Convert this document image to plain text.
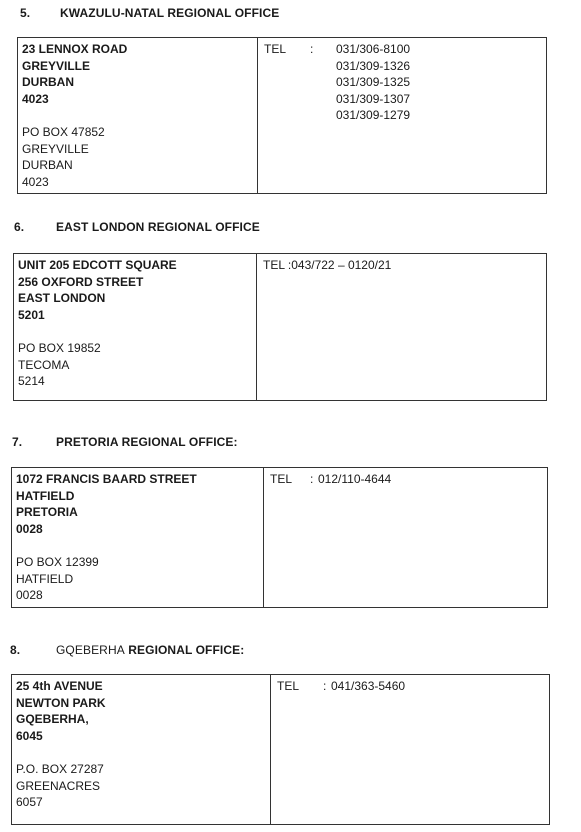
5. KWAZULU-NATAL REGIONAL OFFICE
23 LENNOX ROAD
GREYVILLE
DURBAN
4023
PO BOX 47852
GREYVILLE
DURBAN
4023
TEL	:	031/306-8100
031/309-1326
031/309-1325
031/309-1307
031/309-1279
6.	EAST LONDON REGIONAL OFFICE
UNIT 205 EDCOTT SQUARE
256 OXFORD STREET
EAST LONDON
5201
PO BOX 19852
TECOMA
5214
TEL :043/722 – 0120/21
7.	PRETORIA REGIONAL OFFICE:
1072 FRANCIS BAARD STREET
HATFIELD
PRETORIA
0028
PO BOX 12399
HATFIELD
0028
TEL	: 012/110-4644
8.	GQEBERHA REGIONAL OFFICE:
25 4th AVENUE
NEWTON PARK
GQEBERHA,
6045
P.O. BOX 27287
GREENACRES
6057
TEL	: 041/363-5460
